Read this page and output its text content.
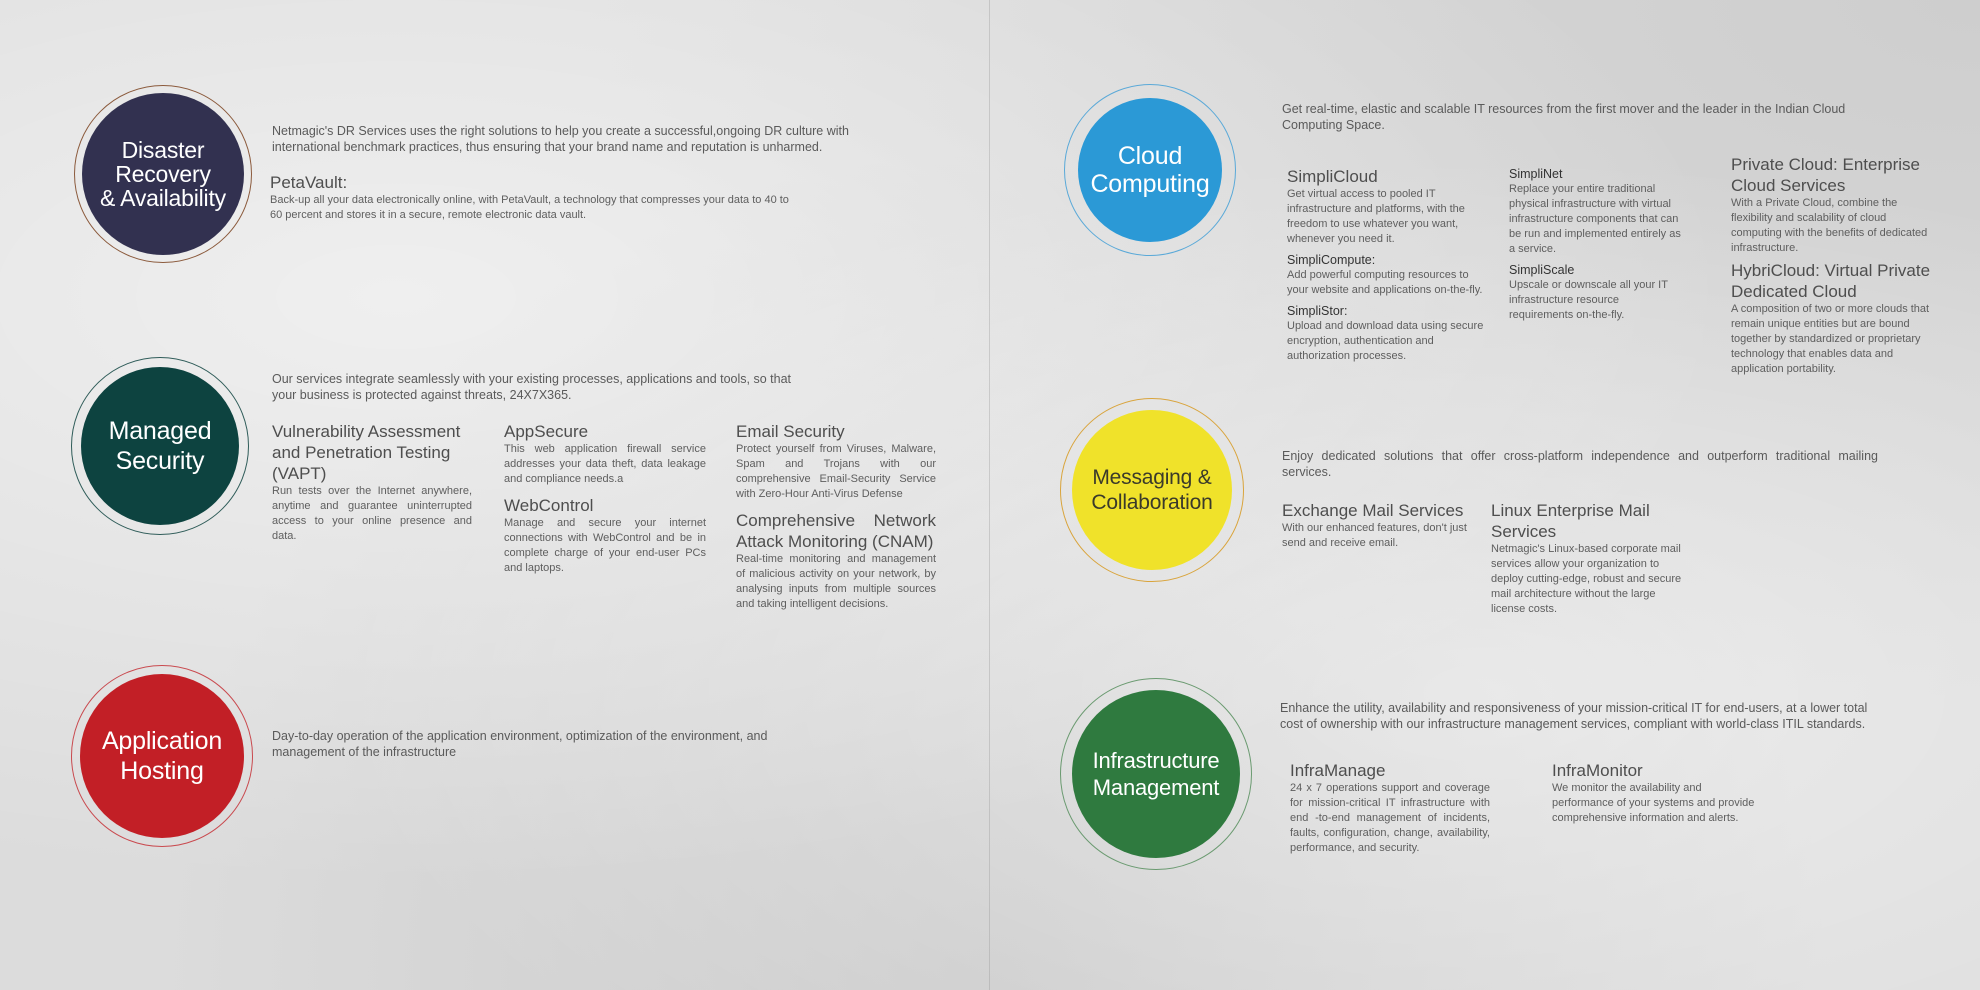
Disaster
Recovery
& Availability
Netmagic's DR Services uses the right solutions to help you create a successful,ongoing DR culture with international benchmark practices, thus ensuring that your brand name and reputation is unharmed.
PetaVault:
Back-up all your data electronically online, with PetaVault, a technology that compresses your data to 40 to 60 percent and stores it in a secure, remote electronic data vault.
Managed
Security
Our services integrate seamlessly with your existing processes, applications and tools, so that your business is protected against threats, 24X7X365.
Vulnerability Assessment and Penetration Testing (VAPT)
Run tests over the Internet anywhere, anytime and guarantee uninterrupted access to your online presence and data.
AppSecure
This web application firewall service addresses your data theft, data leakage and compliance needs.a
WebControl
Manage and secure your internet connections with WebControl and be in complete charge of your end-user PCs and laptops.
Email Security
Protect yourself from Viruses, Malware, Spam and Trojans with our comprehensive Email-Security Service with Zero-Hour Anti-Virus Defense
Comprehensive Network Attack Monitoring (CNAM)
Real-time monitoring and management of malicious activity on your network, by analysing inputs from multiple sources and taking intelligent decisions.
Application
Hosting
Day-to-day operation of the application environment, optimization of the environment, and management of the infrastructure
Cloud
Computing
Get real-time, elastic and scalable IT resources from the first mover and the leader in the Indian Cloud Computing Space.
SimpliCloud
Get virtual access to pooled IT infrastructure and platforms, with the freedom to use whatever you want, whenever you need it.
SimpliCompute:
Add powerful computing resources to your website and applications on-the-fly.
SimpliStor:
Upload and download data using secure encryption, authentication and authorization processes.
SimpliNet
Replace your entire traditional physical infrastructure with virtual infrastructure components that can be run and implemented entirely as a service.
SimpliScale
Upscale or downscale all your IT infrastructure resource requirements on-the-fly.
Private Cloud: Enterprise Cloud Services
With a Private Cloud, combine the flexibility and scalability of cloud computing with the benefits of dedicated infrastructure.
HybriCloud: Virtual Private Dedicated Cloud
A composition of two or more clouds that remain unique entities but are bound together by standardized or proprietary technology that enables data and application portability.
Messaging &
Collaboration
Enjoy dedicated solutions that offer cross-platform independence and outperform traditional mailing services.
Exchange Mail Services
With our enhanced features, don't just send and receive email.
Linux Enterprise Mail Services
Netmagic's Linux-based corporate mail services allow your organization to deploy cutting-edge, robust and secure mail architecture without the large license costs.
Infrastructure
Management
Enhance the utility, availability and responsiveness of your mission-critical IT for end-users, at a lower total cost of ownership with our infrastructure management services, compliant with world-class ITIL standards.
InfraManage
24 x 7 operations support and coverage for mission-critical IT infrastructure with end -to-end management of incidents, faults, configuration, change, availability, performance, and security.
InfraMonitor
We monitor the availability and performance of your systems and provide comprehensive information and alerts.
